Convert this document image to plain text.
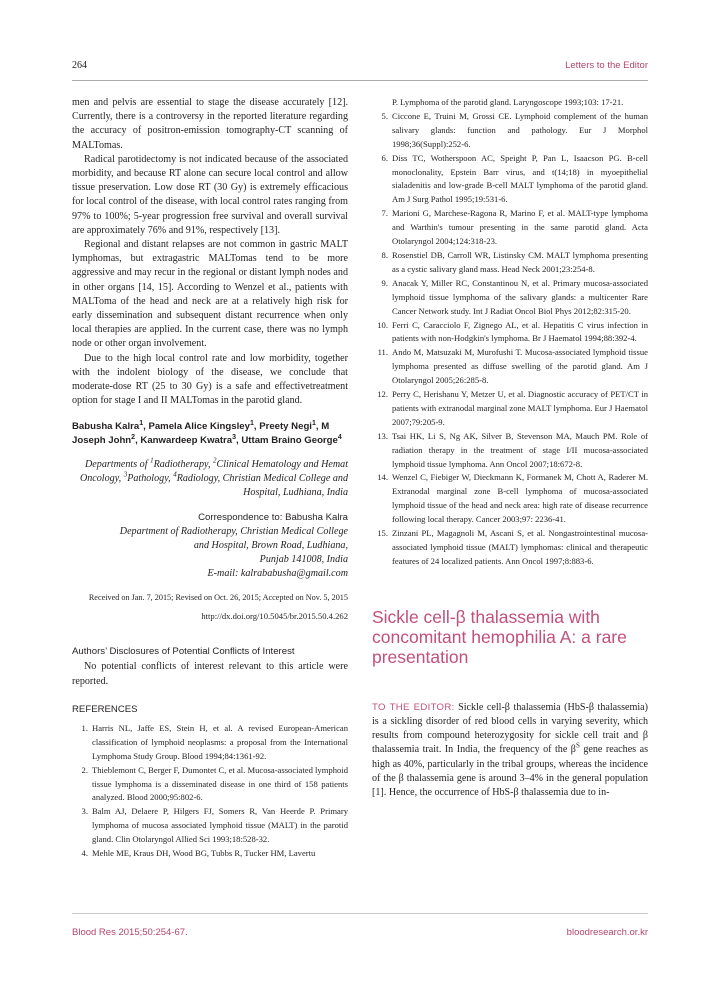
264	Letters to the Editor

men and pelvis are essential to stage the disease accurately [12]. Currently, there is a controversy in the reported literature regarding the accuracy of positron-emission tomography-CT scanning of MALTomas.

Radical parotidectomy is not indicated because of the associated morbidity, and because RT alone can secure local control and allow tissue preservation. Low dose RT (30 Gy) is extremely efficacious for local control of the disease, with local control rates ranging from 97% to 100%; 5-year progression free survival and overall survival are approximately 76% and 91%, respectively [13].

Regional and distant relapses are not common in gastric MALT lymphomas, but extragastric MALTomas tend to be more aggressive and may recur in the regional or distant lymph nodes and in other organs [14, 15]. According to Wenzel et al., patients with MALToma of the head and neck are at a relatively high risk for early dissemination and subsequent distant recurrence when only local therapies are applied. In the current case, there was no lymph node or other organ involvement.

Due to the high local control rate and low morbidity, together with the indolent biology of the disease, we conclude that moderate-dose RT (25 to 30 Gy) is a safe and effectivetreatment option for stage I and II MALTomas in the parotid gland.

Babusha Kalra$^1$, Pamela Alice Kingsley$^1$, Preety Negi$^1$, M Joseph John$^2$, Kanwardeep Kwatra$^3$, Uttam Braino George$^4$
Departments of $^1$Radiotherapy, $^2$Clinical Hematology and Hemat Oncology, $^3$Pathology, $^4$Radiology, Christian Medical College and Hospital, Ludhiana, India
Correspondence to: Babusha Kalra
Department of Radiotherapy, Christian Medical College
and Hospital, Brown Road, Ludhiana,
Punjab 141008, India
E-mail: kalrababusha@gmail.com
Received on Jan. 7, 2015; Revised on Oct. 26, 2015; Accepted on Nov. 5, 2015
http://dx.doi.org/10.5045/br.2015.50.4.262
Authors’ Disclosures of Potential Conflicts of Interest

No potential conflicts of interest relevant to this article were reported.

REFERENCES
1. Harris NL, Jaffe ES, Stein H, et al. A revised European-American classification of lymphoid neoplasms: a proposal from the International Lymphoma Study Group. Blood 1994;84:1361-92.
2. Thieblemont C, Berger F, Dumontet C, et al. Mucosa-associated lymphoid tissue lymphoma is a disseminated disease in one third of 158 patients analyzed. Blood 2000;95:802-6.
3. Balm AJ, Delaere P, Hilgers FJ, Somers R, Van Heerde P. Primary lymphoma of mucosa associated lymphoid tissue (MALT) in the parotid gland. Clin Otolaryngol Allied Sci 1993;18:528-32.
4. Mehle ME, Kraus DH, Wood BG, Tubbs R, Tucker HM, Lavertu
P. Lymphoma of the parotid gland. Laryngoscope 1993;103: 17-21.
5. Ciccone E, Truini M, Grossi CE. Lymphoid complement of the human salivary glands: function and pathology. Eur J Morphol 1998;36(Suppl):252-6.
6. Diss TC, Wotherspoon AC, Speight P, Pan L, Isaacson PG. B-cell monoclonality, Epstein Barr virus, and t(14;18) in myoepithelial sialadenitis and low-grade B-cell MALT lymphoma of the parotid gland. Am J Surg Pathol 1995;19:531-6.
7. Marioni G, Marchese-Ragona R, Marino F, et al. MALT-type lymphoma and Warthin's tumour presenting in the same parotid gland. Acta Otolaryngol 2004;124:318-23.
8. Rosenstiel DB, Carroll WR, Listinsky CM. MALT lymphoma presenting as a cystic salivary gland mass. Head Neck 2001;23:254-8.
9. Anacak Y, Miller RC, Constantinou N, et al. Primary mucosa-associated lymphoid tissue lymphoma of the salivary glands: a multicenter Rare Cancer Network study. Int J Radiat Oncol Biol Phys 2012;82:315-20.
10. Ferri C, Caracciolo F, Zignego AL, et al. Hepatitis C virus infection in patients with non-Hodgkin's lymphoma. Br J Haematol 1994;88:392-4.
11. Ando M, Matsuzaki M, Murofushi T. Mucosa-associated lymphoid tissue lymphoma presented as diffuse swelling of the parotid gland. Am J Otolaryngol 2005;26:285-8.
12. Perry C, Herishanu Y, Metzer U, et al. Diagnostic accuracy of PET/CT in patients with extranodal marginal zone MALT lymphoma. Eur J Haematol 2007;79:205-9.
13. Tsai HK, Li S, Ng AK, Silver B, Stevenson MA, Mauch PM. Role of radiation therapy in the treatment of stage I/II mucosa-associated lymphoid tissue lymphoma. Ann Oncol 2007;18:672-8.
14. Wenzel C, Fiebiger W, Dieckmann K, Formanek M, Chott A, Raderer M. Extranodal marginal zone B-cell lymphoma of mucosa-associated lymphoid tissue of the head and neck area: high rate of disease recurrence following local therapy. Cancer 2003;97: 2236-41.
15. Zinzani PL, Magagnoli M, Ascani S, et al. Nongastrointestinal mucosa-associated lymphoid tissue (MALT) lymphomas: clinical and therapeutic features of 24 localized patients. Ann Oncol 1997;8:883-6.
Sickle cell-β thalassemia with concomitant hemophilia A: a rare presentation

TO THE EDITOR: Sickle cell-β thalassemia (HbS-β thalassemia) is a sickling disorder of red blood cells in varying severity, which results from compound heterozygosity for sickle cell trait and β thalassemia trait. In India, the frequency of the $\beta^S$ gene reaches as high as 40%, particularly in the tribal groups, whereas the incidence of the β thalassemia gene is around 3–4% in the general population [1]. Hence, the occurrence of HbS-β thalassemia due to in-

Blood Res 2015;50:254-67.	bloodresearch.or.kr
